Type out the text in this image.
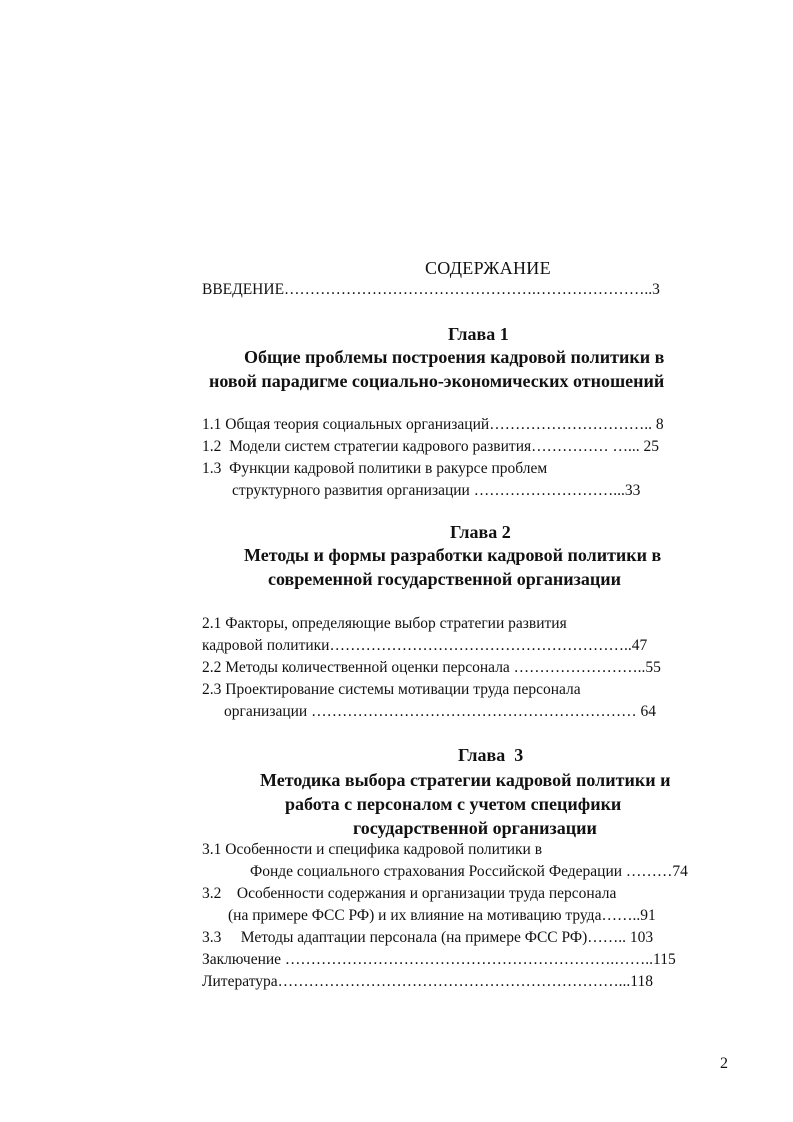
СОДЕРЖАНИЕ
ВВЕДЕНИЕ………………………………………….…………………..3
Глава 1
Общие проблемы построения кадровой политики в
новой парадигме социально-экономических отношений
1.1 Общая теория социальных организаций………………………….. 8
1.2  Модели систем стратегии кадрового развития…………… …... 25
1.3  Функции кадровой политики в ракурсе проблем
структурного развития организации ………………………...33
Глава 2
Методы и формы разработки кадровой политики в
современной государственной организации
2.1 Факторы, определяющие выбор стратегии развития
кадровой политики…………………………………………………..47
2.2 Методы количественной оценки персонала ……………………..55
2.3 Проектирование системы мотивации труда персонала
организации ……………………………………………………… 64
Глава  3
Методика выбора стратегии кадровой политики и
работа с персоналом с учетом специфики
государственной организации
3.1 Особенности и специфика кадровой политики в
Фонде социального страхования Российской Федерации ………74
3.2    Особенности содержания и организации труда персонала
(на примере ФСС РФ) и их влияние на мотивацию труда……..91
3.3     Методы адаптации персонала (на примере ФСС РФ)…….. 103
Заключение ……………………………………………………….……..115
Литература…………………………………………………………...118
2
